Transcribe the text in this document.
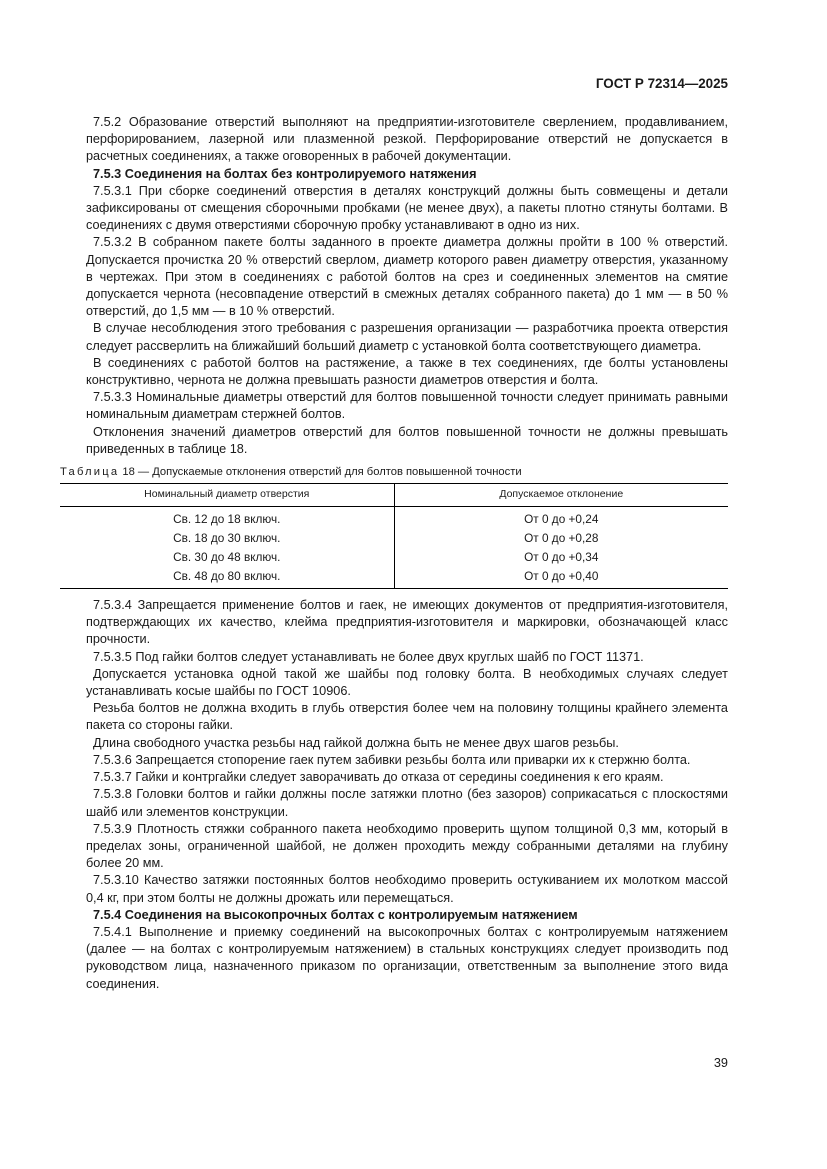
ГОСТ Р 72314—2025

7.5.2 Образование отверстий выполняют на предприятии-изготовителе сверлением, продавливанием, перфорированием, лазерной или плазменной резкой. Перфорирование отверстий не допускается в расчетных соединениях, а также оговоренных в рабочей документации.

7.5.3 Соединения на болтах без контролируемого натяжения

7.5.3.1 При сборке соединений отверстия в деталях конструкций должны быть совмещены и детали зафиксированы от смещения сборочными пробками (не менее двух), а пакеты плотно стянуты болтами. В соединениях с двумя отверстиями сборочную пробку устанавливают в одно из них.

7.5.3.2 В собранном пакете болты заданного в проекте диаметра должны пройти в 100 % отверстий. Допускается прочистка 20 % отверстий сверлом, диаметр которого равен диаметру отверстия, указанному в чертежах. При этом в соединениях с работой болтов на срез и соединенных элементов на смятие допускается чернота (несовпадение отверстий в смежных деталях собранного пакета) до 1 мм — в 50 % отверстий, до 1,5 мм — в 10 % отверстий.

В случае несоблюдения этого требования с разрешения организации — разработчика проекта отверстия следует рассверлить на ближайший больший диаметр с установкой болта соответствующего диаметра.

В соединениях с работой болтов на растяжение, а также в тех соединениях, где болты установлены конструктивно, чернота не должна превышать разности диаметров отверстия и болта.

7.5.3.3 Номинальные диаметры отверстий для болтов повышенной точности следует принимать равными номинальным диаметрам стержней болтов.

Отклонения значений диаметров отверстий для болтов повышенной точности не должны превышать приведенных в таблице 18.

Таблица 18 — Допускаемые отклонения отверстий для болтов повышенной точности
Номинальный диаметр отверстия	Допускаемое отклонение
Св. 12 до 18 включ.	От 0 до +0,24
Св. 18 до 30 включ.	От 0 до +0,28
Св. 30 до 48 включ.	От 0 до +0,34
Св. 48 до 80 включ.	От 0 до +0,40

7.5.3.4 Запрещается применение болтов и гаек, не имеющих документов от предприятия-изготовителя, подтверждающих их качество, клейма предприятия-изготовителя и маркировки, обозначающей класс прочности.

7.5.3.5 Под гайки болтов следует устанавливать не более двух круглых шайб по ГОСТ 11371.

Допускается установка одной такой же шайбы под головку болта. В необходимых случаях следует устанавливать косые шайбы по ГОСТ 10906.

Резьба болтов не должна входить в глубь отверстия более чем на половину толщины крайнего элемента пакета со стороны гайки.

Длина свободного участка резьбы над гайкой должна быть не менее двух шагов резьбы.

7.5.3.6 Запрещается стопорение гаек путем забивки резьбы болта или приварки их к стержню болта.

7.5.3.7 Гайки и контргайки следует заворачивать до отказа от середины соединения к его краям.

7.5.3.8 Головки болтов и гайки должны после затяжки плотно (без зазоров) соприкасаться с плоскостями шайб или элементов конструкции.

7.5.3.9 Плотность стяжки собранного пакета необходимо проверить щупом толщиной 0,3 мм, который в пределах зоны, ограниченной шайбой, не должен проходить между собранными деталями на глубину более 20 мм.

7.5.3.10 Качество затяжки постоянных болтов необходимо проверить остукиванием их молотком массой 0,4 кг, при этом болты не должны дрожать или перемещаться.

7.5.4 Соединения на высокопрочных болтах с контролируемым натяжением

7.5.4.1 Выполнение и приемку соединений на высокопрочных болтах с контролируемым натяжением (далее — на болтах с контролируемым натяжением) в стальных конструкциях следует производить под руководством лица, назначенного приказом по организации, ответственным за выполнение этого вида соединения.

39
